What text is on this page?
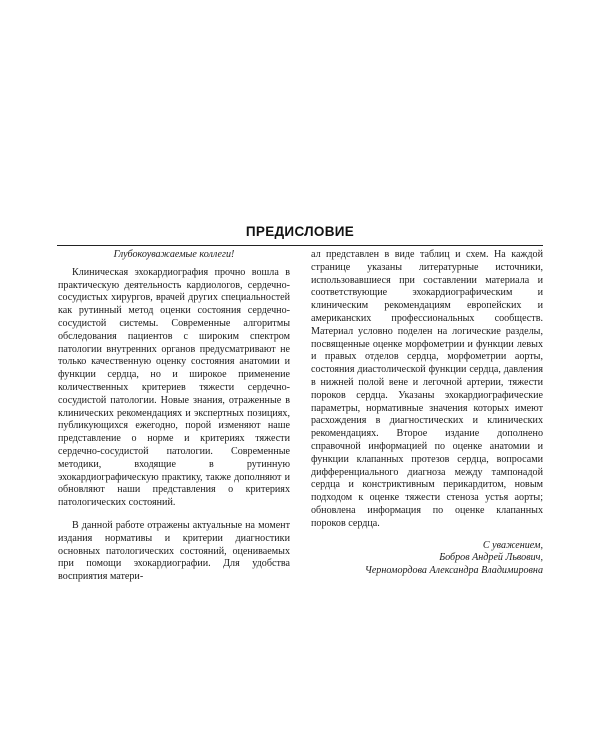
ПРЕДИСЛОВИЕ

Глубокоуважаемые коллеги!

Клиническая эхокардиография прочно вошла в практическую деятельность кардиологов, сердечно-сосудистых хирургов, врачей других специальностей как рутинный метод оценки состояния сердечно-сосудистой системы. Современные алгоритмы обследования пациентов с широким спектром патологии внутренних органов предусматривают не только качественную оценку состояния анатомии и функции сердца, но и широкое применение количественных критериев тяжести сердечно-сосудистой патологии. Новые знания, отраженные в клинических рекомендациях и экспертных позициях, публикующихся ежегодно, порой изменяют наше представление о норме и критериях тяжести сердечно-сосудистой патологии. Современные методики, входящие в рутинную эхокардиографическую практику, также дополняют и обновляют наши представления о критериях патологических состояний.

В данной работе отражены актуальные на момент издания нормативы и критерии диагностики основных патологических состояний, оцениваемых при помощи эхокардиографии. Для удобства восприятия матери-

ал представлен в виде таблиц и схем. На каждой странице указаны литературные источники, использовавшиеся при составлении материала и соответствующие эхокардиографическим и клиническим рекомендациям европейских и американских профессиональных сообществ. Материал условно поделен на логические разделы, посвященные оценке морфометрии и функции левых и правых отделов сердца, морфометрии аорты, состояния диастолической функции сердца, давления в нижней полой вене и легочной артерии, тяжести пороков сердца. Указаны эхокардиографические параметры, нормативные значения которых имеют расхождения в диагностических и клинических рекомендациях. Второе издание дополнено справочной информацией по оценке анатомии и функции клапанных протезов сердца, вопросами дифференциального диагноза между тампонадой сердца и констриктивным перикардитом, новым подходом к оценке тяжести стеноза устья аорты; обновлена информация по оценке клапанных пороков сердца.

С уважением,
Бобров Андрей Львович,
Черномордова Александра Владимировна
